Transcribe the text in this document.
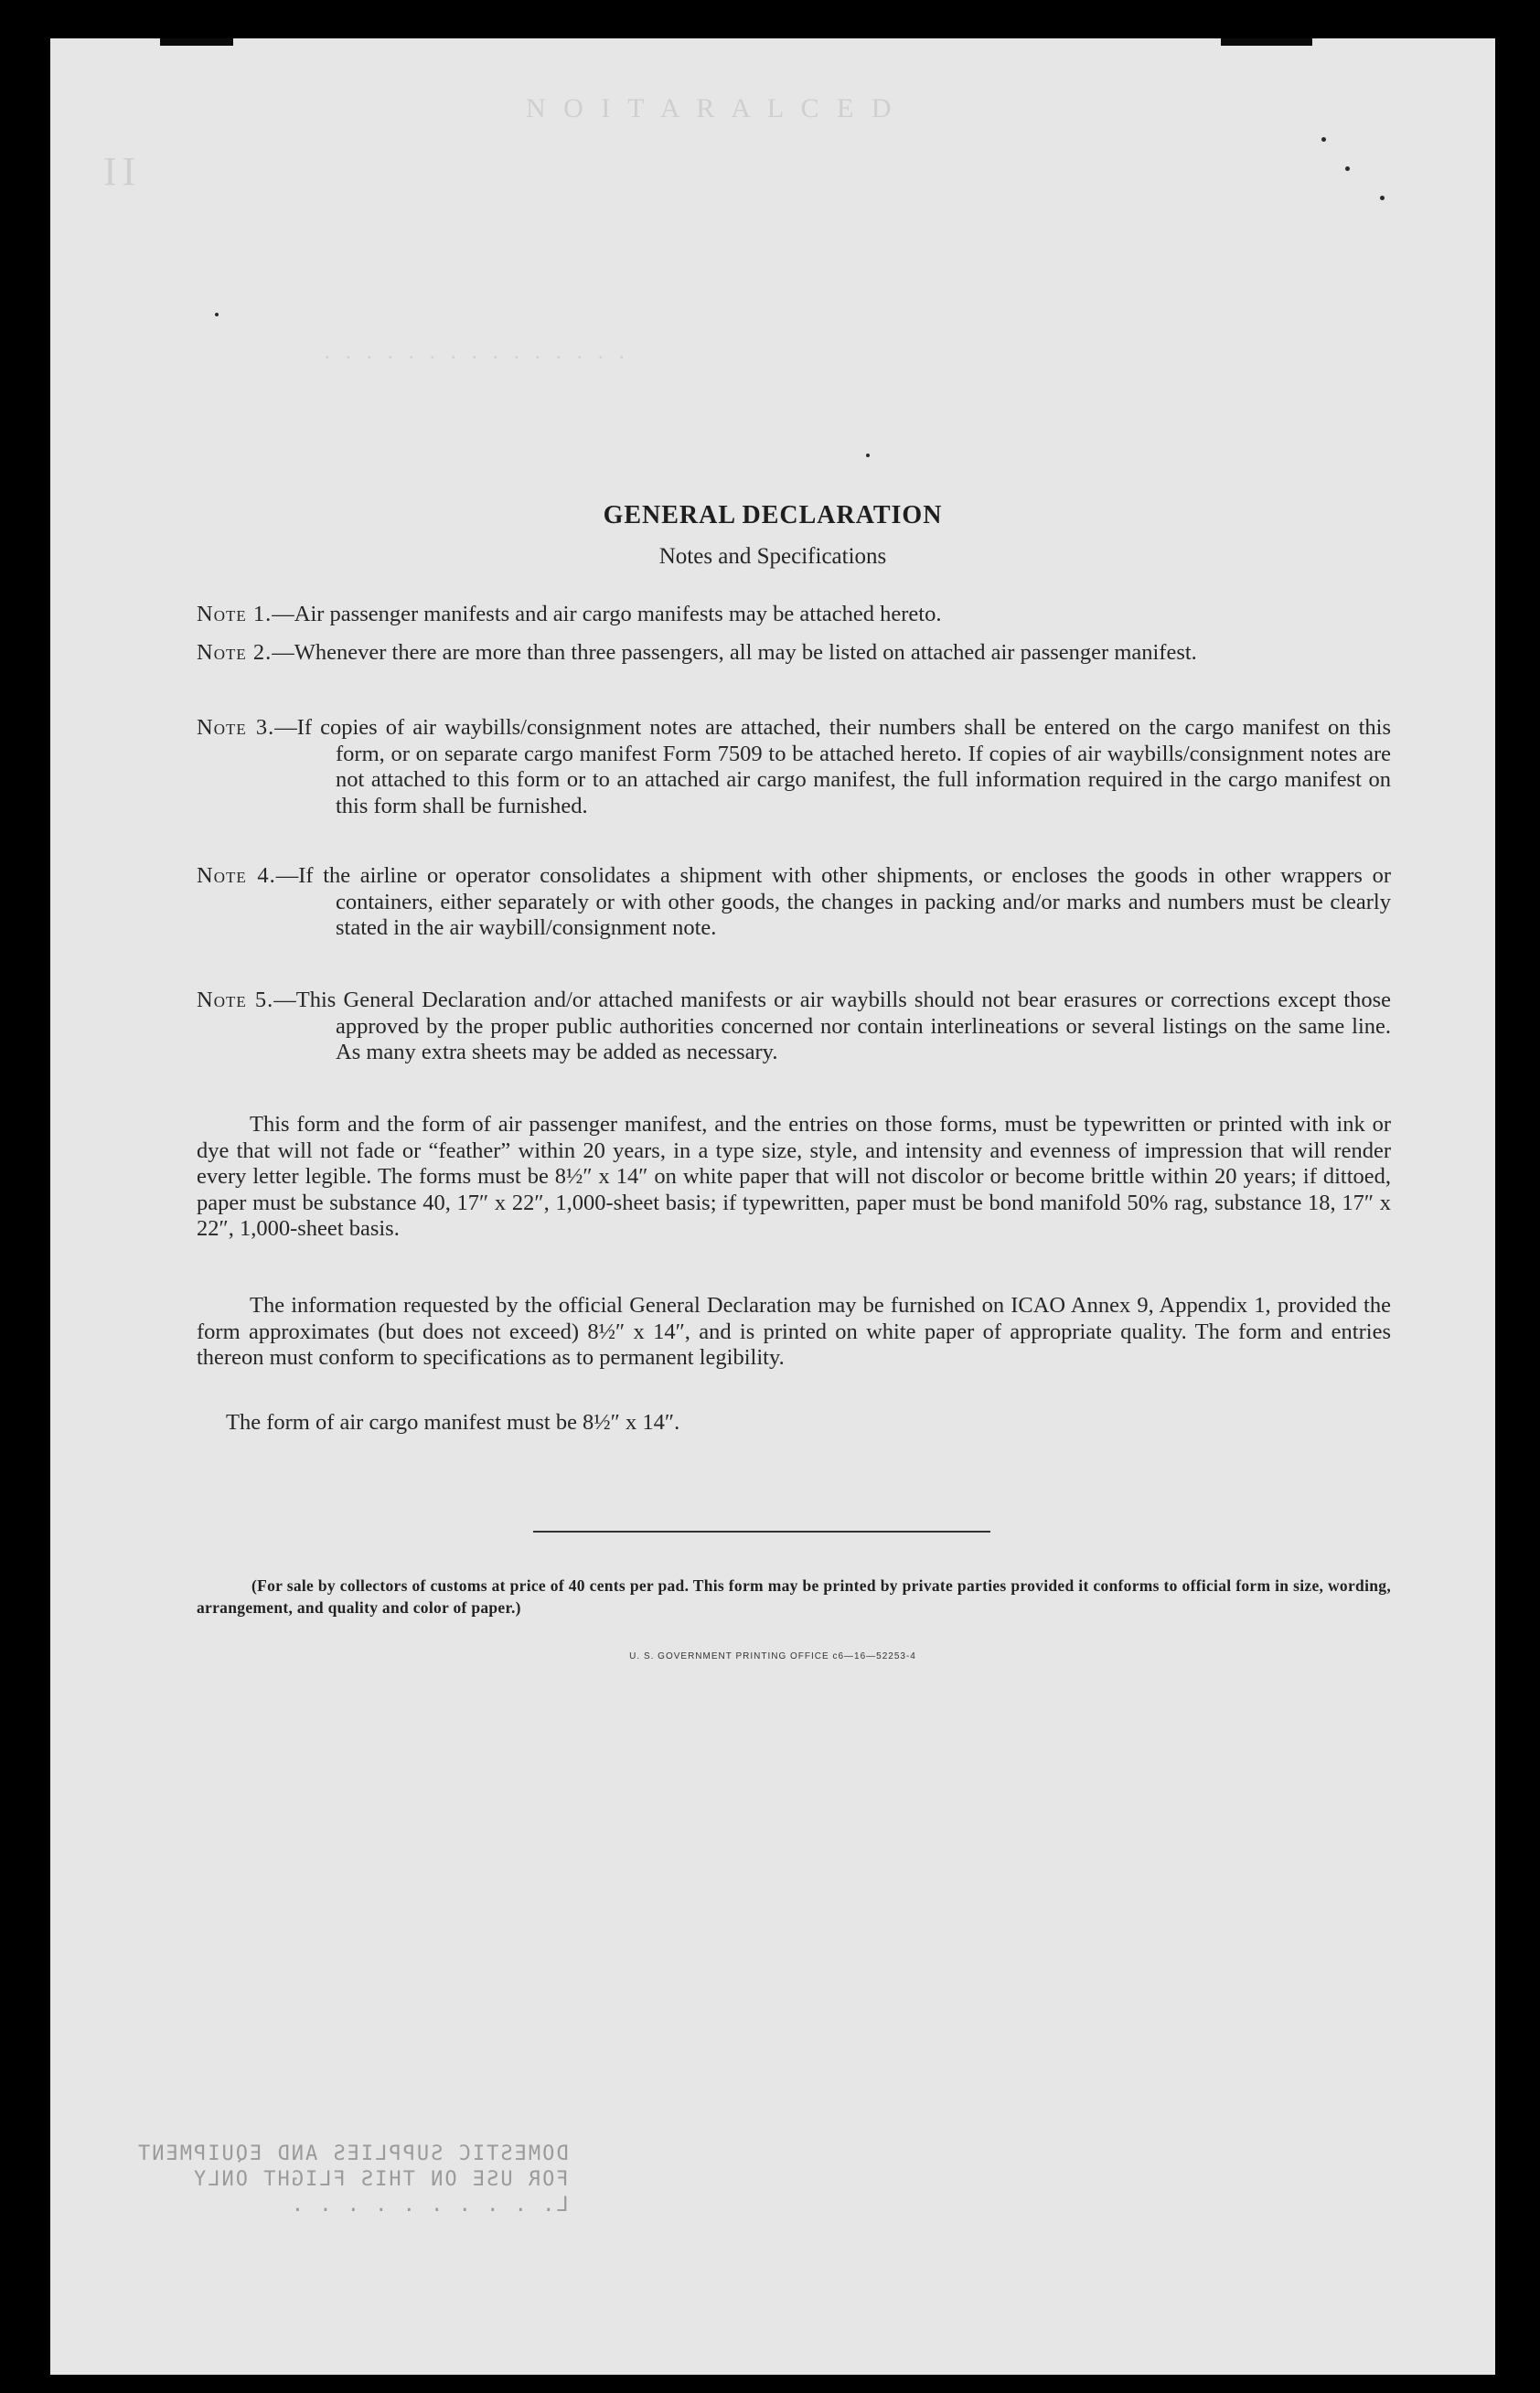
N O I T A R A L C E D
II
. . . . . . . . . . . . . . .
GENERAL DECLARATION
Notes and Specifications
Note 1.—Air passenger manifests and air cargo manifests may be attached hereto.
Note 2.—Whenever there are more than three passengers, all may be listed on attached air passenger manifest.
Note 3.—If copies of air waybills/consignment notes are attached, their numbers shall be entered on the cargo manifest on this form, or on separate cargo manifest Form 7509 to be attached hereto. If copies of air waybills/consignment notes are not attached to this form or to an attached air cargo manifest, the full information required in the cargo manifest on this form shall be furnished.
Note 4.—If the airline or operator consolidates a shipment with other shipments, or encloses the goods in other wrappers or containers, either separately or with other goods, the changes in packing and/or marks and numbers must be clearly stated in the air waybill/consignment note.
Note 5.—This General Declaration and/or attached manifests or air waybills should not bear erasures or corrections except those approved by the proper public authorities concerned nor contain interlineations or several listings on the same line. As many extra sheets may be added as necessary.
This form and the form of air passenger manifest, and the entries on those forms, must be typewritten or printed with ink or dye that will not fade or “feather” within 20 years, in a type size, style, and intensity and evenness of impression that will render every letter legible. The forms must be 8½″ x 14″ on white paper that will not discolor or become brittle within 20 years; if dittoed, paper must be substance 40, 17″ x 22″, 1,000-sheet basis; if typewritten, paper must be bond manifold 50% rag, substance 18, 17″ x 22″, 1,000-sheet basis.
The information requested by the official General Declaration may be furnished on ICAO Annex 9, Appendix 1, provided the form approximates (but does not exceed) 8½″ x 14″, and is printed on white paper of appropriate quality. The form and entries thereon must conform to specifications as to permanent legibility.
The form of air cargo manifest must be 8½″ x 14″.
(For sale by collectors of customs at price of 40 cents per pad. This form may be printed by private parties provided it conforms to official form in size, wording, arrangement, and quality and color of paper.)
U. S. GOVERNMENT PRINTING OFFICE c6—16—52253-4
DOMESTIC SUPPLIES AND EQUIPMENT
FOR USE ON THIS FLIGHT ONLY
L. . . . . . . . . .
